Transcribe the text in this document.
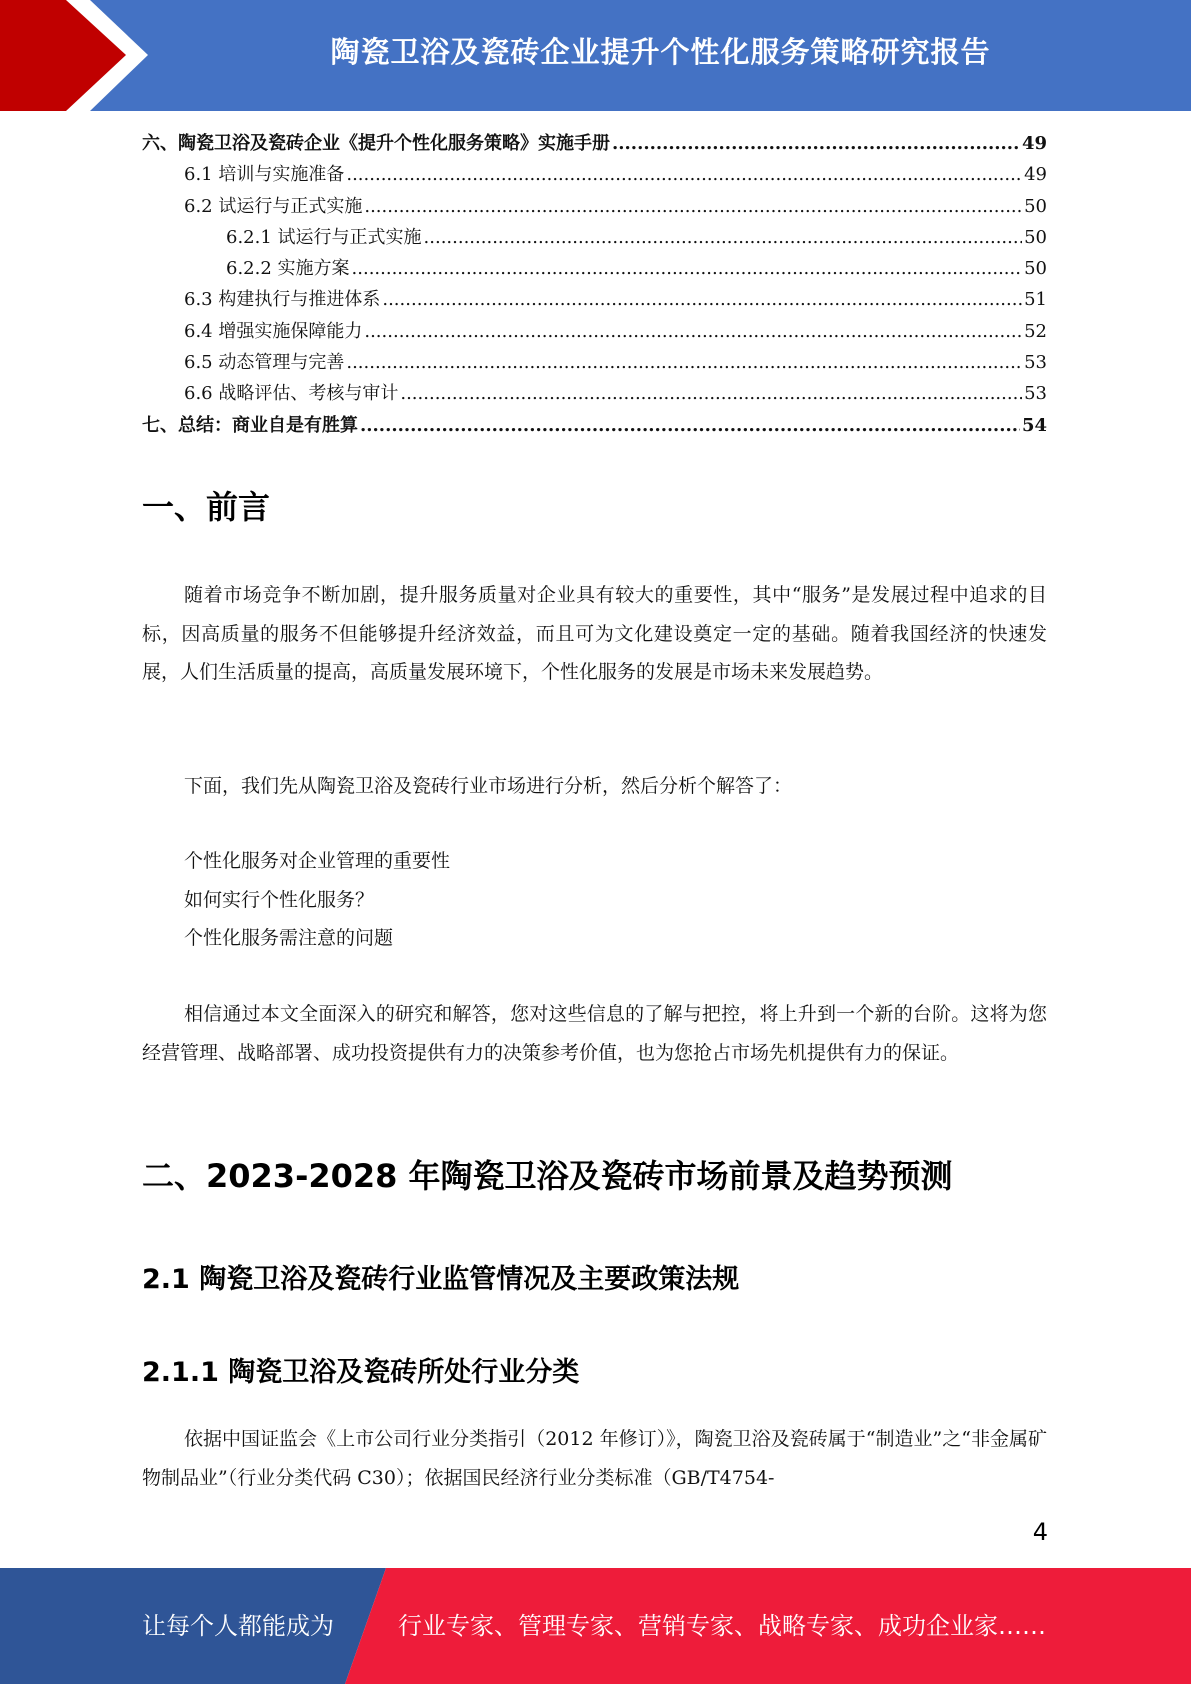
陶瓷卫浴及瓷砖企业提升个性化服务策略研究报告
六、陶瓷卫浴及瓷砖企业《提升个性化服务策略》实施手册 .....	49
6.1 培训与实施准备 .....	49
6.2 试运行与正式实施 .....	50
6.2.1 试运行与正式实施 .....	50
6.2.2 实施方案 .....	50
6.3 构建执行与推进体系 .....	51
6.4 增强实施保障能力 .....	52
6.5 动态管理与完善 .....	53
6.6 战略评估、考核与审计 .....	53
七、总结：商业自是有胜算 .....	54
一、前言

随着市场竞争不断加剧，提升服务质量对企业具有较大的重要性，其中“服务”是发展过程中追求的目标，因高质量的服务不但能够提升经济效益，而且可为文化建设奠定一定的基础。随着我国经济的快速发展，人们生活质量的提高，高质量发展环境下，个性化服务的发展是市场未来发展趋势。

下面，我们先从陶瓷卫浴及瓷砖行业市场进行分析，然后分析个解答了：

个性化服务对企业管理的重要性
如何实行个性化服务？
个性化服务需注意的问题

相信通过本文全面深入的研究和解答，您对这些信息的了解与把控，将上升到一个新的台阶。这将为您经营管理、战略部署、成功投资提供有力的决策参考价值，也为您抢占市场先机提供有力的保证。

二、2023-2028 年陶瓷卫浴及瓷砖市场前景及趋势预测
2.1 陶瓷卫浴及瓷砖行业监管情况及主要政策法规
2.1.1 陶瓷卫浴及瓷砖所处行业分类

依据中国证监会《上市公司行业分类指引（2012 年修订）》，陶瓷卫浴及瓷砖属于“制造业”之“非金属矿物制品业”（行业分类代码 C30）；依据国民经济行业分类标准（GB/T4754-

4
让每个人都能成为	行业专家、管理专家、营销专家、战略专家、成功企业家……
